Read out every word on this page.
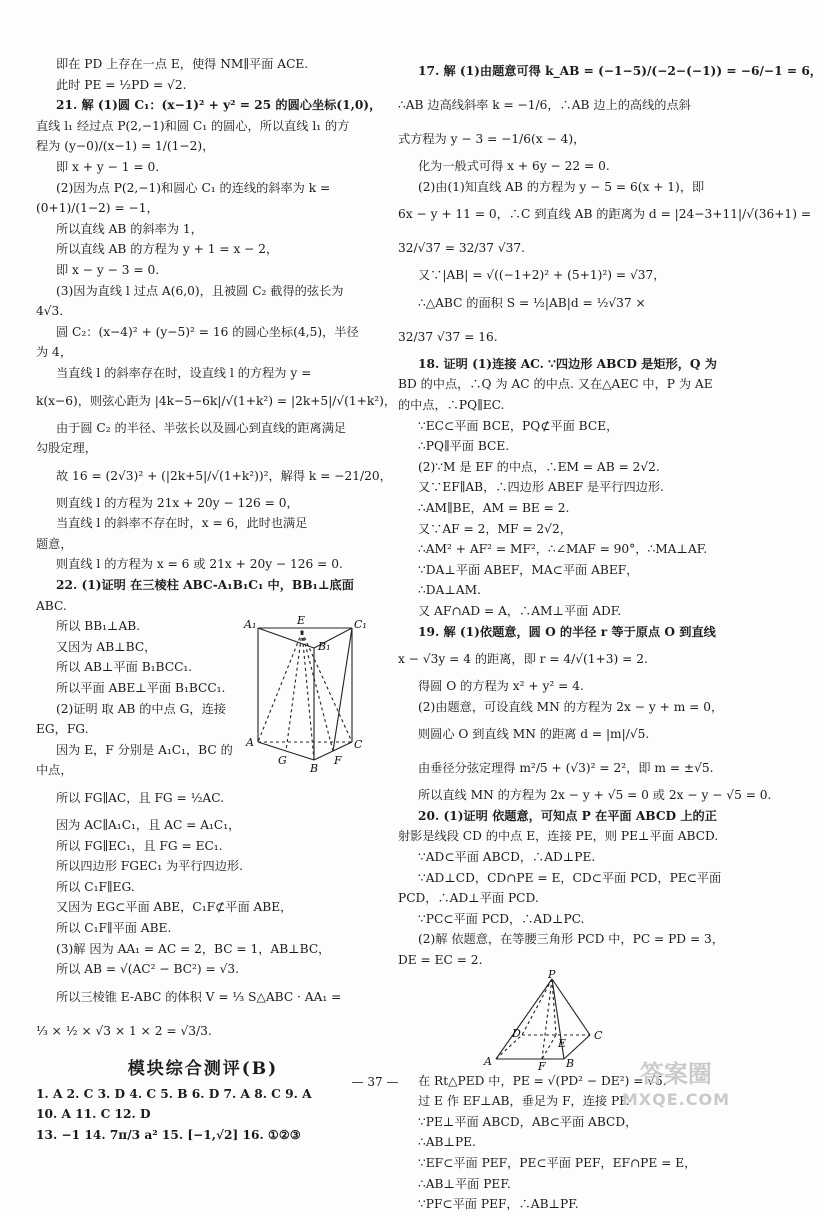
即在 PD 上存在一点 E，使得 NM∥平面 ACE.
此时 PE = ½PD = √2.
21. 解 (1)圆 C₁：(x−1)² + y² = 25 的圆心坐标(1,0)，
直线 l₁ 经过点 P(2,−1)和圆 C₁ 的圆心，所以直线 l₁ 的方
程为 (y−0)/(x−1) = 1/(1−2)，
即 x + y − 1 = 0.
(2)因为点 P(2,−1)和圆心 C₁ 的连线的斜率为 k =
(0+1)/(1−2) = −1，
所以直线 AB 的斜率为 1，
所以直线 AB 的方程为 y + 1 = x − 2，
即 x − y − 3 = 0.
(3)因为直线 l 过点 A(6,0)，且被圆 C₂ 截得的弦长为
4√3.
圆 C₂：(x−4)² + (y−5)² = 16 的圆心坐标(4,5)，半径
为 4，
当直线 l 的斜率存在时，设直线 l 的方程为 y =
k(x−6)，则弦心距为 |4k−5−6k|/√(1+k²) = |2k+5|/√(1+k²)，
由于圆 C₂ 的半径、半弦长以及圆心到直线的距离满足
勾股定理，
故 16 = (2√3)² + (|2k+5|/√(1+k²))²，解得 k = −21/20，
则直线 l 的方程为 21x + 20y − 126 = 0，
当直线 l 的斜率不存在时，x = 6，此时也满足
题意，
则直线 l 的方程为 x = 6 或 21x + 20y − 126 = 0.
22. (1)证明 在三棱柱 ABC-A₁B₁C₁ 中，BB₁⊥底面
ABC.
A₁	E	C₁
B₁
A
G
B
F
C
所以 BB₁⊥AB.
又因为 AB⊥BC，
所以 AB⊥平面 B₁BCC₁.
所以平面 ABE⊥平面 B₁BCC₁.
(2)证明 取 AB 的中点 G，连接
EG，FG.
因为 E，F 分别是 A₁C₁，BC 的
中点，
所以 FG∥AC，且 FG = ½AC.
因为 AC∥A₁C₁，且 AC = A₁C₁，
所以 FG∥EC₁，且 FG = EC₁.
所以四边形 FGEC₁ 为平行四边形.
所以 C₁F∥EG.
又因为 EG⊂平面 ABE，C₁F⊄平面 ABE，
所以 C₁F∥平面 ABE.
(3)解 因为 AA₁ = AC = 2，BC = 1，AB⊥BC，
所以 AB = √(AC² − BC²) = √3.
所以三棱锥 E-ABC 的体积 V = ⅓ S△ABC · AA₁ =
⅓ × ½ × √3 × 1 × 2 = √3/3.
模块综合测评(B)
1. A 2. C 3. D 4. C 5. B 6. D 7. A 8. C 9. A
10. A 11. C 12. D
13. −1 14. 7π/3 a² 15. [−1,√2] 16. ①②③
17. 解 (1)由题意可得 k_AB = (−1−5)/(−2−(−1)) = −6/−1 = 6，
∴AB 边高线斜率 k = −1/6，∴AB 边上的高线的点斜
式方程为 y − 3 = −1/6(x − 4)，
化为一般式可得 x + 6y − 22 = 0.
(2)由(1)知直线 AB 的方程为 y − 5 = 6(x + 1)，即
6x − y + 11 = 0，∴C 到直线 AB 的距离为 d = |24−3+11|/√(36+1) =
32/√37 = 32/37 √37.
又∵|AB| = √((−1+2)² + (5+1)²) = √37，
∴△ABC 的面积 S = ½|AB|d = ½√37 ×
32/37 √37 = 16.
18. 证明 (1)连接 AC. ∵四边形 ABCD 是矩形，Q 为
BD 的中点，∴Q 为 AC 的中点. 又在△AEC 中，P 为 AE
的中点，∴PQ∥EC.
∵EC⊂平面 BCE，PQ⊄平面 BCE，
∴PQ∥平面 BCE.
(2)∵M 是 EF 的中点，∴EM = AB = 2√2.
又∵EF∥AB，∴四边形 ABEF 是平行四边形.
∴AM∥BE，AM = BE = 2.
又∵AF = 2，MF = 2√2，
∴AM² + AF² = MF²，∴∠MAF = 90°，∴MA⊥AF.
∵DA⊥平面 ABEF，MA⊂平面 ABEF，
∴DA⊥AM.
又 AF∩AD = A，∴AM⊥平面 ADF.
19. 解 (1)依题意，圆 O 的半径 r 等于原点 O 到直线
x − √3y = 4 的距离，即 r = 4/√(1+3) = 2.
得圆 O 的方程为 x² + y² = 4.
(2)由题意，可设直线 MN 的方程为 2x − y + m = 0，
则圆心 O 到直线 MN 的距离 d = |m|/√5.
由垂径分弦定理得 m²/5 + (√3)² = 2²，即 m = ±√5.
所以直线 MN 的方程为 2x − y + √5 = 0 或 2x − y − √5 = 0.
20. (1)证明 依题意，可知点 P 在平面 ABCD 上的正
射影是线段 CD 的中点 E，连接 PE，则 PE⊥平面 ABCD.
∵AD⊂平面 ABCD，∴AD⊥PE.
∵AD⊥CD，CD∩PE = E，CD⊂平面 PCD，PE⊂平面
PCD，∴AD⊥平面 PCD.
∵PC⊂平面 PCD，∴AD⊥PC.
(2)解 依题意，在等腰三角形 PCD 中，PC = PD = 3，
DE = EC = 2.
P
D
E
C
A	F B
在 Rt△PED 中，PE = √(PD² − DE²) = √5.
过 E 作 EF⊥AB，垂足为 F，连接 PF.
∵PE⊥平面 ABCD，AB⊂平面 ABCD，
∴AB⊥PE.
∵EF⊂平面 PEF，PE⊂平面 PEF，EF∩PE = E，
∴AB⊥平面 PEF.
∵PF⊂平面 PEF，∴AB⊥PF.
— 37 —	答案圈
MXQE.COM
